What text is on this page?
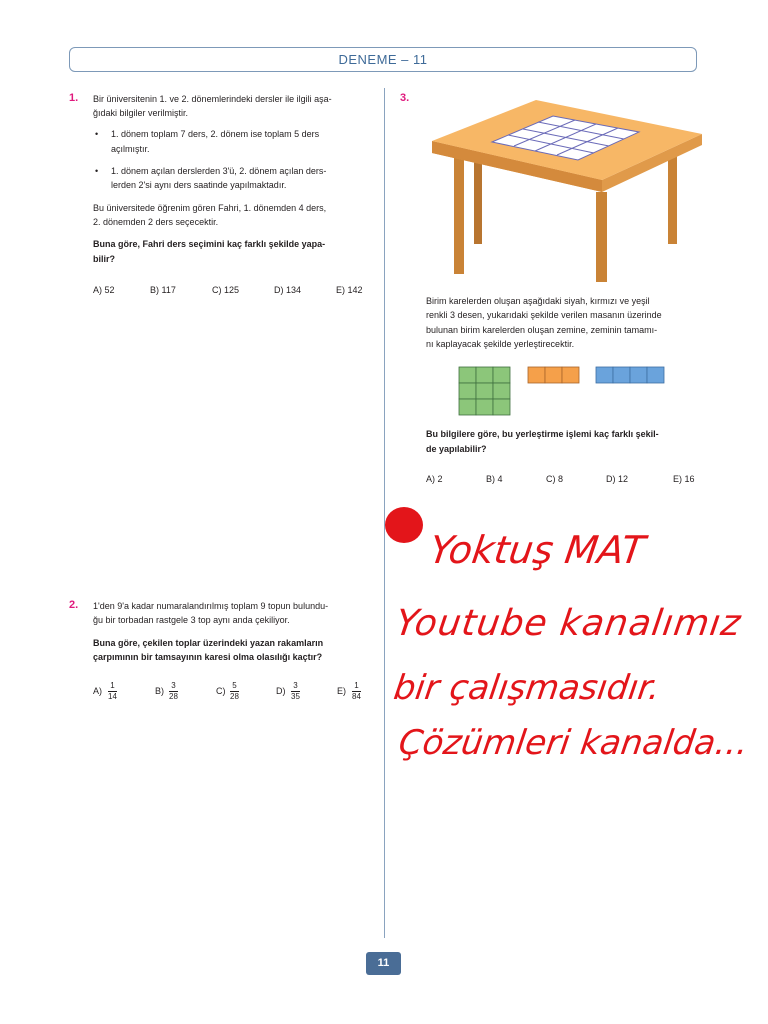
DENEME – 11
1. Bir üniversitenin 1. ve 2. dönemlerindeki dersler ile ilgili aşa-
ğıdaki bilgiler verilmiştir.
• 1. dönem toplam 7 ders, 2. dönem ise toplam 5 ders
açılmıştır.
• 1. dönem açılan derslerden 3'ü, 2. dönem açılan ders-
lerden 2'si aynı ders saatinde yapılmaktadır.
Bu üniversitede öğrenim gören Fahri, 1. dönemden 4 ders,
2. dönemden 2 ders seçecektir.
Buna göre, Fahri ders seçimini kaç farklı şekilde yapa-
bilir?
A) 52	B) 117	C) 125	D) 134	E) 142
2. 1'den 9'a kadar numaralandırılmış toplam 9 topun bulundu-
ğu bir torbadan rastgele 3 top aynı anda çekiliyor.
Buna göre, çekilen toplar üzerindeki yazan rakamların
çarpımının bir tamsayının karesi olma olasılığı kaçtır?
$A) \frac{1}{14}$	$B) \frac{3}{28}$	$C) \frac{5}{28}$	$D) \frac{3}{35}$	$E) \frac{1}{84}$
3.
Birim karelerden oluşan aşağıdaki siyah, kırmızı ve yeşil
renkli 3 desen, yukarıdaki şekilde verilen masanın üzerinde
bulunan birim karelerden oluşan zemine, zeminin tamamı-
nı kaplayacak şekilde yerleştirecektir.
Bu bilgilere göre, bu yerleştirme işlemi kaç farklı şekil-
de yapılabilir?
A) 2	B) 4	C) 8	D) 12	E) 16
Yoktuş MAT
Youtube kanalımız
bir çalışmasıdır.
Çözümleri kanalda...
11
